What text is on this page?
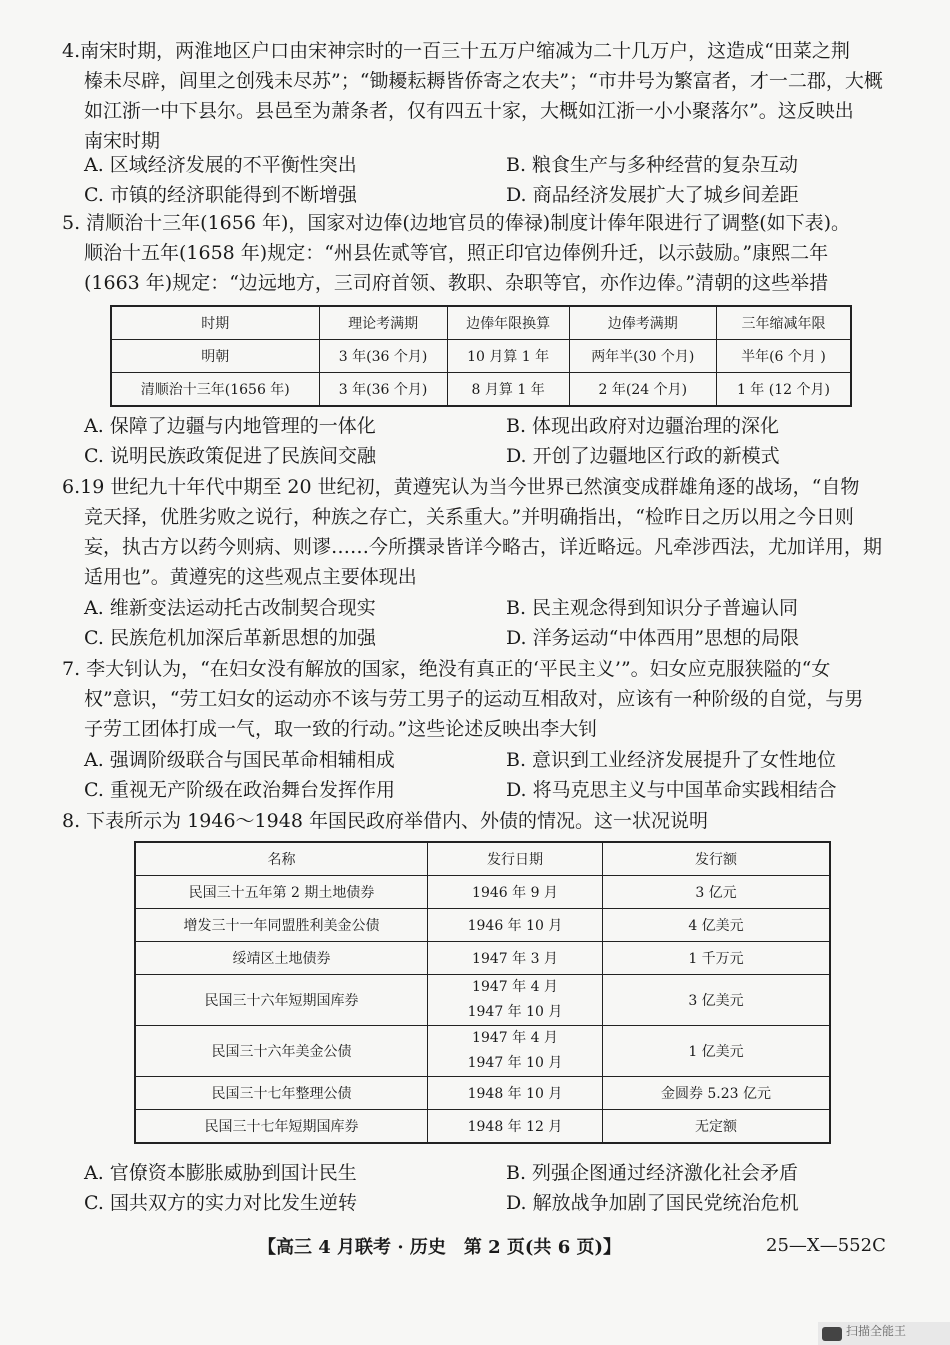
4.南宋时期，两淮地区户口由宋神宗时的一百三十五万户缩减为二十几万户，这造成“田菜之荆
榛未尽辟，闾里之创残未尽苏”；“锄耰耘耨皆侨寄之农夫”；“市井号为繁富者，才一二郡，大概
如江浙一中下县尔。县邑至为萧条者，仅有四五十家，大概如江浙一小小聚落尔”。这反映出
南宋时期
A. 区域经济发展的不平衡性突出	B. 粮食生产与多种经营的复杂互动
C. 市镇的经济职能得到不断增强	D. 商品经济发展扩大了城乡间差距
5. 清顺治十三年(1656 年)，国家对边俸(边地官员的俸禄)制度计俸年限进行了调整(如下表)。
顺治十五年(1658 年)规定：“州县佐贰等官，照正印官边俸例升迁，以示鼓励。”康熙二年
(1663 年)规定：“边远地方，三司府首领、教职、杂职等官，亦作边俸。”清朝的这些举措
时期	理论考满期	边俸年限换算	边俸考满期	三年缩减年限
明朝	3 年(36 个月)	10 月算 1 年	两年半(30 个月)	半年(6 个月 )
清顺治十三年(1656 年)	3 年(36 个月)	8 月算 1 年	2 年(24 个月)	1 年 (12 个月)
A. 保障了边疆与内地管理的一体化	B. 体现出政府对边疆治理的深化
C. 说明民族政策促进了民族间交融	D. 开创了边疆地区行政的新模式
6.19 世纪九十年代中期至 20 世纪初，黄遵宪认为当今世界已然演变成群雄角逐的战场，“自物
竞天择，优胜劣败之说行，种族之存亡，关系重大。”并明确指出，“检昨日之历以用之今日则
妄，执古方以药今则病、则谬……今所撰录皆详今略古，详近略远。凡牵涉西法，尤加详用，期
适用也”。黄遵宪的这些观点主要体现出
A. 维新变法运动托古改制契合现实	B. 民主观念得到知识分子普遍认同
C. 民族危机加深后革新思想的加强	D. 洋务运动“中体西用”思想的局限
7. 李大钊认为，“在妇女没有解放的国家，绝没有真正的‘平民主义’”。妇女应克服狭隘的“女
权”意识，“劳工妇女的运动亦不该与劳工男子的运动互相敌对，应该有一种阶级的自觉，与男
子劳工团体打成一气，取一致的行动。”这些论述反映出李大钊
A. 强调阶级联合与国民革命相辅相成	B. 意识到工业经济发展提升了女性地位
C. 重视无产阶级在政治舞台发挥作用	D. 将马克思主义与中国革命实践相结合
8. 下表所示为 1946～1948 年国民政府举借内、外债的情况。这一状况说明
名称	发行日期	发行额
民国三十五年第 2 期土地债券	1946 年 9 月	3 亿元
增发三十一年同盟胜利美金公债	1946 年 10 月	4 亿美元
绥靖区土地债券	1947 年 3 月	1 千万元
民国三十六年短期国库券	1947 年 4 月
1947 年 10 月	3 亿美元
民国三十六年美金公债	1947 年 4 月
1947 年 10 月	1 亿美元
民国三十七年整理公债	1948 年 10 月	金圆券 5.23 亿元
民国三十七年短期国库券	1948 年 12 月	无定额
A. 官僚资本膨胀威胁到国计民生	B. 列强企图通过经济激化社会矛盾
C. 国共双方的实力对比发生逆转	D. 解放战争加剧了国民党统治危机
【高三 4 月联考 · 历史　第 2 页(共 6 页)】	25—X—552C
扫描全能王
